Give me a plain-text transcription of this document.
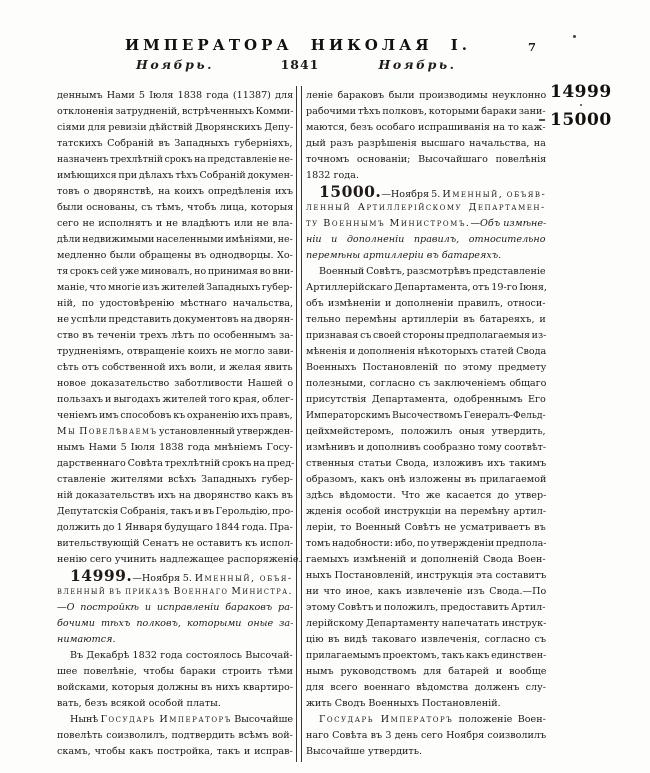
ИМПЕРАТОРА НИКОЛАЯ I.	7
Ноябрь.	1841	Ноябрь.
14999
15000
деннымъ Нами 5 Іюля 1838 года (11387) для
отклоненія затрудненій, встрѣченныхъ Комми-
сіями для ревизіи дѣйствій Дворянскихъ Депу-
татскихъ Собраній въ Западныхъ губерніяхъ,
назначенъ трехлѣтній срокъ на представленіе не-
имѣющихся при дѣлахъ тѣхъ Собраній докумен-
товъ о дворянствѣ, на коихъ опредѣленія ихъ
были основаны, съ тѣмъ, чтобъ лица, которыя
сего не исполнятъ и не владѣютъ или не вла-
дѣли недвижимыми населенными имѣніями, не-
медленно были обращены въ однодворцы. Хо-
тя срокъ сей уже миновалъ, но принимая во вни-
маніе, что многіе изъ жителей Западныхъ губер-
ній, по удостовѣренію мѣстнаго начальства,
не успѣли представить документовъ на дворян-
ство въ теченіи трехъ лѣтъ по особеннымъ за-
трудненіямъ, отвращеніе коихъ не могло зави-
сѣть отъ собственной ихъ воли, и желая явить
новое доказательство заботливости Нашей о
пользахъ и выгодахъ жителей того края, облег-
ченіемъ имъ способовъ къ охраненію ихъ правъ,
Мы Повелѣваемъ установленный утвержден-
нымъ Нами 5 Іюля 1838 года мнѣніемъ Госу-
дарственнаго Совѣта трехлѣтній срокъ на пред-
ставленіе жителями всѣхъ Западныхъ губер-
ній доказательствъ ихъ на дворянство какъ въ
Депутатскія Собранія, такъ и въ Герольдію, про-
должить до 1 Января будущаго 1844 года. Пра-
вительствующій Сенатъ не оставитъ къ испол-
ненію сего учинить надлежащее распоряженіе.
14999.—Ноября 5. Именный, объя-
вленный въ приказѣ Военнаго Министра.
—О постройкѣ и исправленіи бараковъ ра-
бочими тѣхъ полковъ, которыми оные за-
нимаются.
Въ Декабрѣ 1832 года состоялось Высочай-
шее повелѣніе, чтобы бараки строить тѣми
войсками, которыя должны въ нихъ квартиро-
вать, безъ всякой особой платы.
Нынѣ Государь Императоръ Высочайше
повелѣть соизволилъ, подтвердить всѣмъ вой-
скамъ, чтобы какъ постройка, такъ и исправ-
леніе бараковъ были производимы неуклонно
рабочими тѣхъ полковъ, которыми бараки зани-
маются, безъ особаго испрашиванія на то каж-
дый разъ разрѣшенія высшаго начальства, на
точномъ основаніи; Высочайшаго повелѣнія
1832 года.
15000.—Ноября 5. Именный, объяв-
ленный Артиллерійскому Департамен-
ту Военнымъ Министромъ.—Объ измѣне-
ніи и дополненіи правилъ, относительно
перемѣны артиллеріи въ батареяхъ.
Военный Совѣтъ, разсмотрѣвъ представленіе
Артиллерійскаго Департамента, отъ 19-го Іюня,
объ измѣненіи и дополненіи правилъ, относи-
тельно перемѣны артиллеріи въ батареяхъ, и
признавая съ своей стороны предполагаемыя из-
мѣненія и дополненія нѣкоторыхъ статей Свода
Военныхъ Постановленій по этому предмету
полезными, согласно съ заключеніемъ общаго
присутствія Департамента, одобреннымъ Его
Императорскимъ Высочествомъ Генералъ-Фельд-
цейхмейстеромъ, положилъ оныя утвердить,
измѣнивъ и дополнивъ сообразно тому соотвѣт-
ственныя статьи Свода, изложивъ ихъ такимъ
образомъ, какъ онѣ изложены въ прилагаемой
здѣсь вѣдомости. Что же касается до утвер-
жденія особой инструкціи на перемѣну артил-
леріи, то Военный Совѣтъ не усматриваетъ въ
томъ надобности: ибо, по утвержденіи предпола-
гаемыхъ измѣненій и дополненій Свода Воен-
ныхъ Постановленій, инструкція эта составитъ
ни что иное, какъ извлеченіе изъ Свода.—По
этому Совѣтъ и положилъ, предоставить Артил-
лерійскому Департаменту напечатать инструк-
цію въ видѣ таковаго извлеченія, согласно съ
прилагаемымъ проектомъ, такъ какъ единствен-
нымъ руководствомъ для батарей и вообще
для всего военнаго вѣдомства долженъ слу-
жить Сводъ Военныхъ Постановленій.
Государь Императоръ положеніе Воен-
наго Совѣта въ 3 день сего Ноября соизволилъ
Высочайше утвердить.
